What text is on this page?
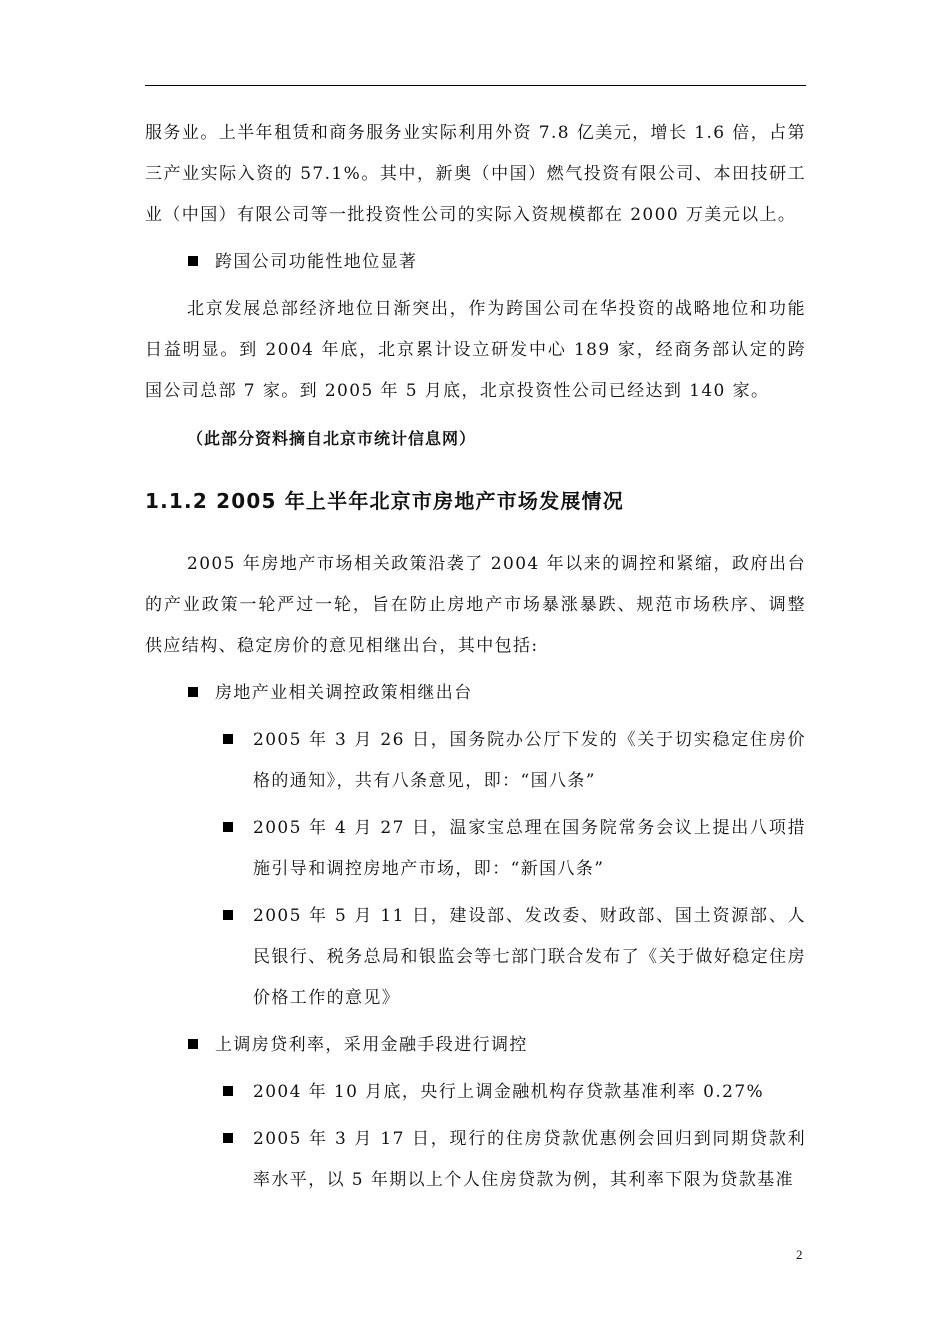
服务业。上半年租赁和商务服务业实际利用外资 7.8 亿美元，增长 1.6 倍，占第三产业实际入资的 57.1%。其中，新奥（中国）燃气投资有限公司、本田技研工业（中国）有限公司等一批投资性公司的实际入资规模都在 2000 万美元以上。

跨国公司功能性地位显著

北京发展总部经济地位日渐突出，作为跨国公司在华投资的战略地位和功能日益明显。到 2004 年底，北京累计设立研发中心 189 家，经商务部认定的跨国公司总部 7 家。到 2005 年 5 月底，北京投资性公司已经达到 140 家。

（此部分资料摘自北京市统计信息网）

1.1.2 2005 年上半年北京市房地产市场发展情况

2005 年房地产市场相关政策沿袭了 2004 年以来的调控和紧缩，政府出台的产业政策一轮严过一轮，旨在防止房地产市场暴涨暴跌、规范市场秩序、调整供应结构、稳定房价的意见相继出台，其中包括:

房地产业相关调控政策相继出台
2005 年 3 月 26 日，国务院办公厅下发的《关于切实稳定住房价格的通知》，共有八条意见，即：“国八条”
2005 年 4 月 27 日，温家宝总理在国务院常务会议上提出八项措施引导和调控房地产市场，即：“新国八条”
2005 年 5 月 11 日，建设部、发改委、财政部、国土资源部、人民银行、税务总局和银监会等七部门联合发布了《关于做好稳定住房价格工作的意见》
上调房贷利率，采用金融手段进行调控
2004 年 10 月底，央行上调金融机构存贷款基准利率 0.27%
2005 年 3 月 17 日，现行的住房贷款优惠例会回归到同期贷款利率水平，以 5 年期以上个人住房贷款为例，其利率下限为贷款基准
2
